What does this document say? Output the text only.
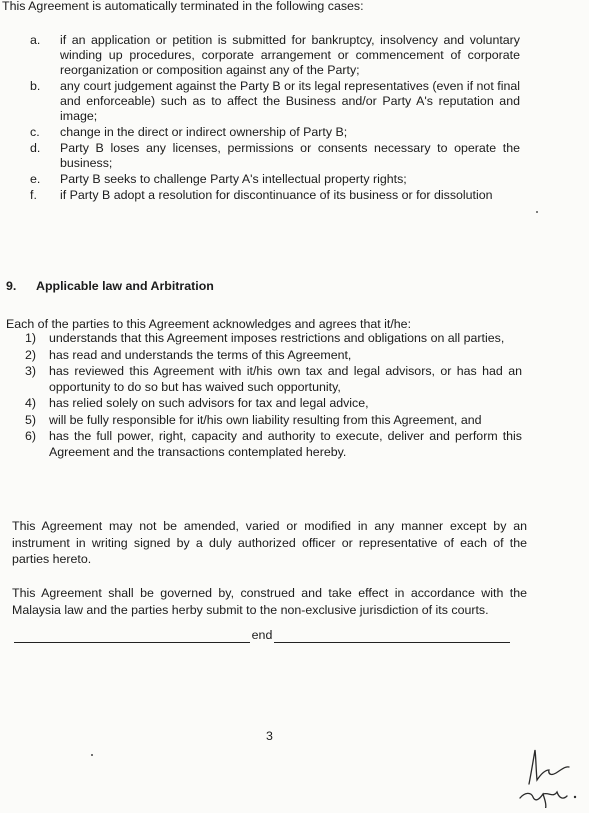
This Agreement is automatically terminated in the following cases:

a.	if an application or petition is submitted for bankruptcy, insolvency and voluntary winding up procedures, corporate arrangement or commencement of corporate reorganization or composition against any of the Party;
b.	any court judgement against the Party B or its legal representatives (even if not final and enforceable) such as to affect the Business and/or Party A's reputation and image;
c.	change in the direct or indirect ownership of Party B;
d.	Party B loses any licenses, permissions or consents necessary to operate the business;
e.	Party B seeks to challenge Party A's intellectual property rights;
f.	if Party B adopt a resolution for discontinuance of its business or for dissolution
9.	Applicable law and Arbitration

Each of the parties to this Agreement acknowledges and agrees that it/he:

1)	understands that this Agreement imposes restrictions and obligations on all parties,
2)	has read and understands the terms of this Agreement,
3)	has reviewed this Agreement with it/his own tax and legal advisors, or has had an opportunity to do so but has waived such opportunity,
4)	has relied solely on such advisors for tax and legal advice,
5)	will be fully responsible for it/his own liability resulting from this Agreement, and
6)	has the full power, right, capacity and authority to execute, deliver and perform this Agreement and the transactions contemplated hereby.

This Agreement may not be amended, varied or modified in any manner except by an instrument in writing signed by a duly authorized officer or representative of each of the parties hereto.

This Agreement shall be governed by, construed and take effect in accordance with the Malaysia law and the parties herby submit to the non-exclusive jurisdiction of its courts.

end
3
